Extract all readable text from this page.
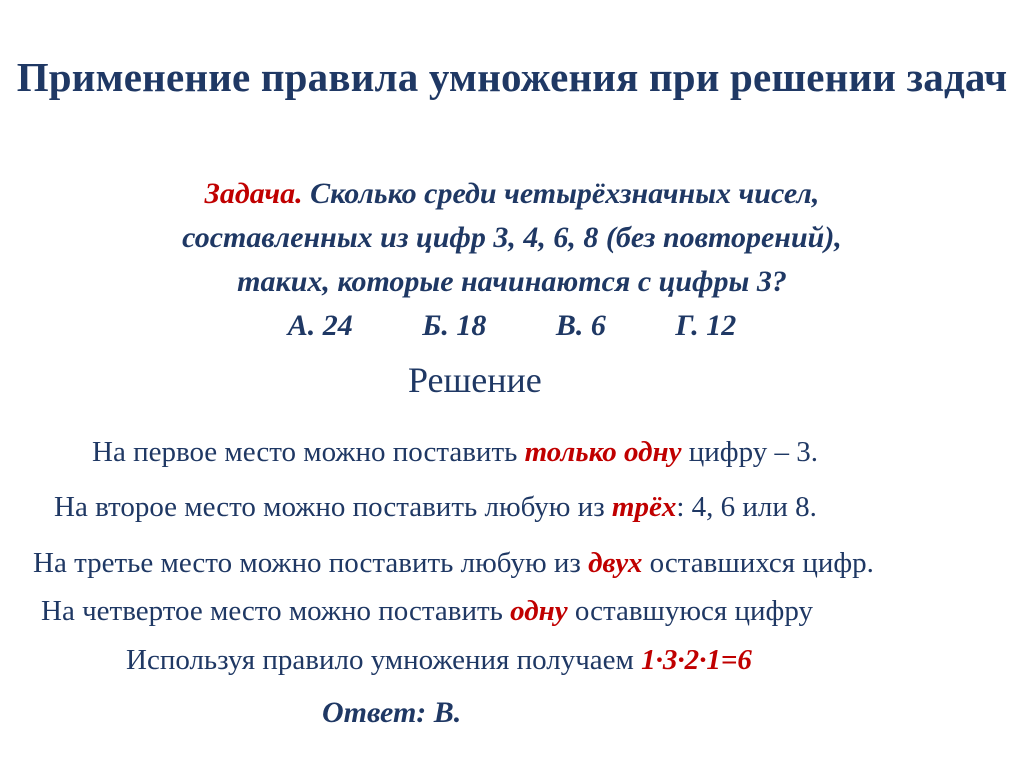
Применение правила умножения при решении задач
Задача. Сколько среди четырёхзначных чисел,
составленных из цифр 3, 4, 6, 8 (без повторений),
таких, которые начинаются с цифры 3?
А. 24 Б. 18 В. 6 Г. 12
Решение
На первое место можно поставить только одну цифру – 3.
На второе место можно поставить любую из трёх: 4, 6 или 8.
На третье место можно поставить любую из двух оставшихся цифр.
На четвертое место можно поставить одну оставшуюся цифру
Используя правило умножения получаем 1·3·2·1=6
Ответ: В.
